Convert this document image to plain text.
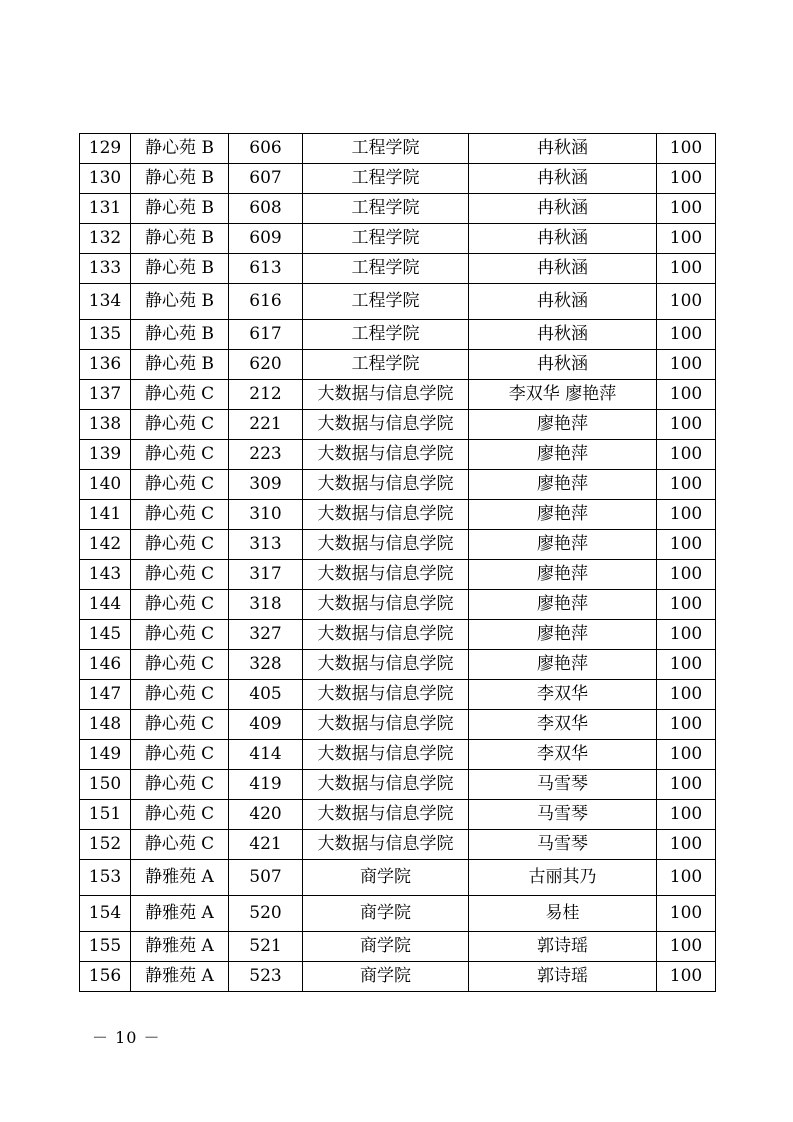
129	静心苑 B	606	工程学院	冉秋涵	100
130	静心苑 B	607	工程学院	冉秋涵	100
131	静心苑 B	608	工程学院	冉秋涵	100
132	静心苑 B	609	工程学院	冉秋涵	100
133	静心苑 B	613	工程学院	冉秋涵	100
134	静心苑 B	616	工程学院	冉秋涵	100
135	静心苑 B	617	工程学院	冉秋涵	100
136	静心苑 B	620	工程学院	冉秋涵	100
137	静心苑 C	212	大数据与信息学院	李双华 廖艳萍	100
138	静心苑 C	221	大数据与信息学院	廖艳萍	100
139	静心苑 C	223	大数据与信息学院	廖艳萍	100
140	静心苑 C	309	大数据与信息学院	廖艳萍	100
141	静心苑 C	310	大数据与信息学院	廖艳萍	100
142	静心苑 C	313	大数据与信息学院	廖艳萍	100
143	静心苑 C	317	大数据与信息学院	廖艳萍	100
144	静心苑 C	318	大数据与信息学院	廖艳萍	100
145	静心苑 C	327	大数据与信息学院	廖艳萍	100
146	静心苑 C	328	大数据与信息学院	廖艳萍	100
147	静心苑 C	405	大数据与信息学院	李双华	100
148	静心苑 C	409	大数据与信息学院	李双华	100
149	静心苑 C	414	大数据与信息学院	李双华	100
150	静心苑 C	419	大数据与信息学院	马雪琴	100
151	静心苑 C	420	大数据与信息学院	马雪琴	100
152	静心苑 C	421	大数据与信息学院	马雪琴	100
153	静雅苑 A	507	商学院	古丽其乃	100
154	静雅苑 A	520	商学院	易桂	100
155	静雅苑 A	521	商学院	郭诗瑶	100
156	静雅苑 A	523	商学院	郭诗瑶	100
－ 10 －
